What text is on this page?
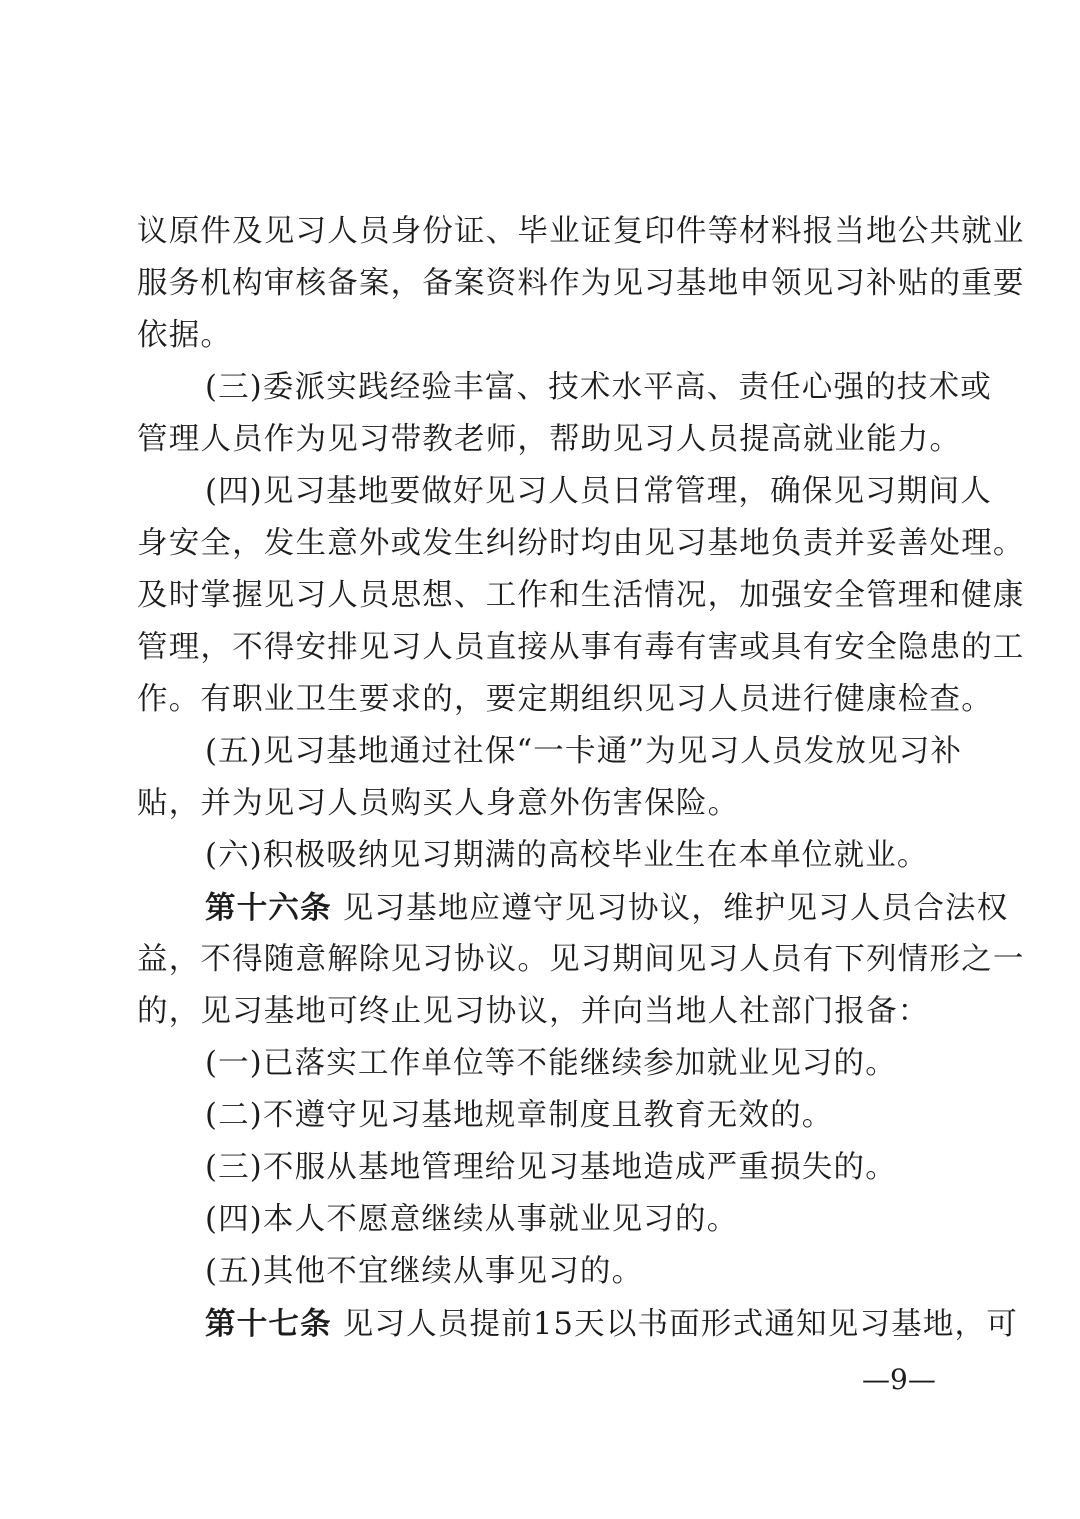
议原件及见习人员身份证、毕业证复印件等材料报当地公共就业
服务机构审核备案，备案资料作为见习基地申领见习补贴的重要
依据。
(三)委派实践经验丰富、技术水平高、责任心强的技术或
管理人员作为见习带教老师，帮助见习人员提高就业能力。
(四)见习基地要做好见习人员日常管理，确保见习期间人
身安全，发生意外或发生纠纷时均由见习基地负责并妥善处理。
及时掌握见习人员思想、工作和生活情况，加强安全管理和健康
管理，不得安排见习人员直接从事有毒有害或具有安全隐患的工
作。有职业卫生要求的，要定期组织见习人员进行健康检查。
(五)见习基地通过社保“一卡通”为见习人员发放见习补
贴，并为见习人员购买人身意外伤害保险。
(六)积极吸纳见习期满的高校毕业生在本单位就业。
第十六条 见习基地应遵守见习协议，维护见习人员合法权
益，不得随意解除见习协议。见习期间见习人员有下列情形之一
的，见习基地可终止见习协议，并向当地人社部门报备：
(一)已落实工作单位等不能继续参加就业见习的。
(二)不遵守见习基地规章制度且教育无效的。
(三)不服从基地管理给见习基地造成严重损失的。
(四)本人不愿意继续从事就业见习的。
(五)其他不宜继续从事见习的。
第十七条 见习人员提前15天以书面形式通知见习基地，可
—9—
